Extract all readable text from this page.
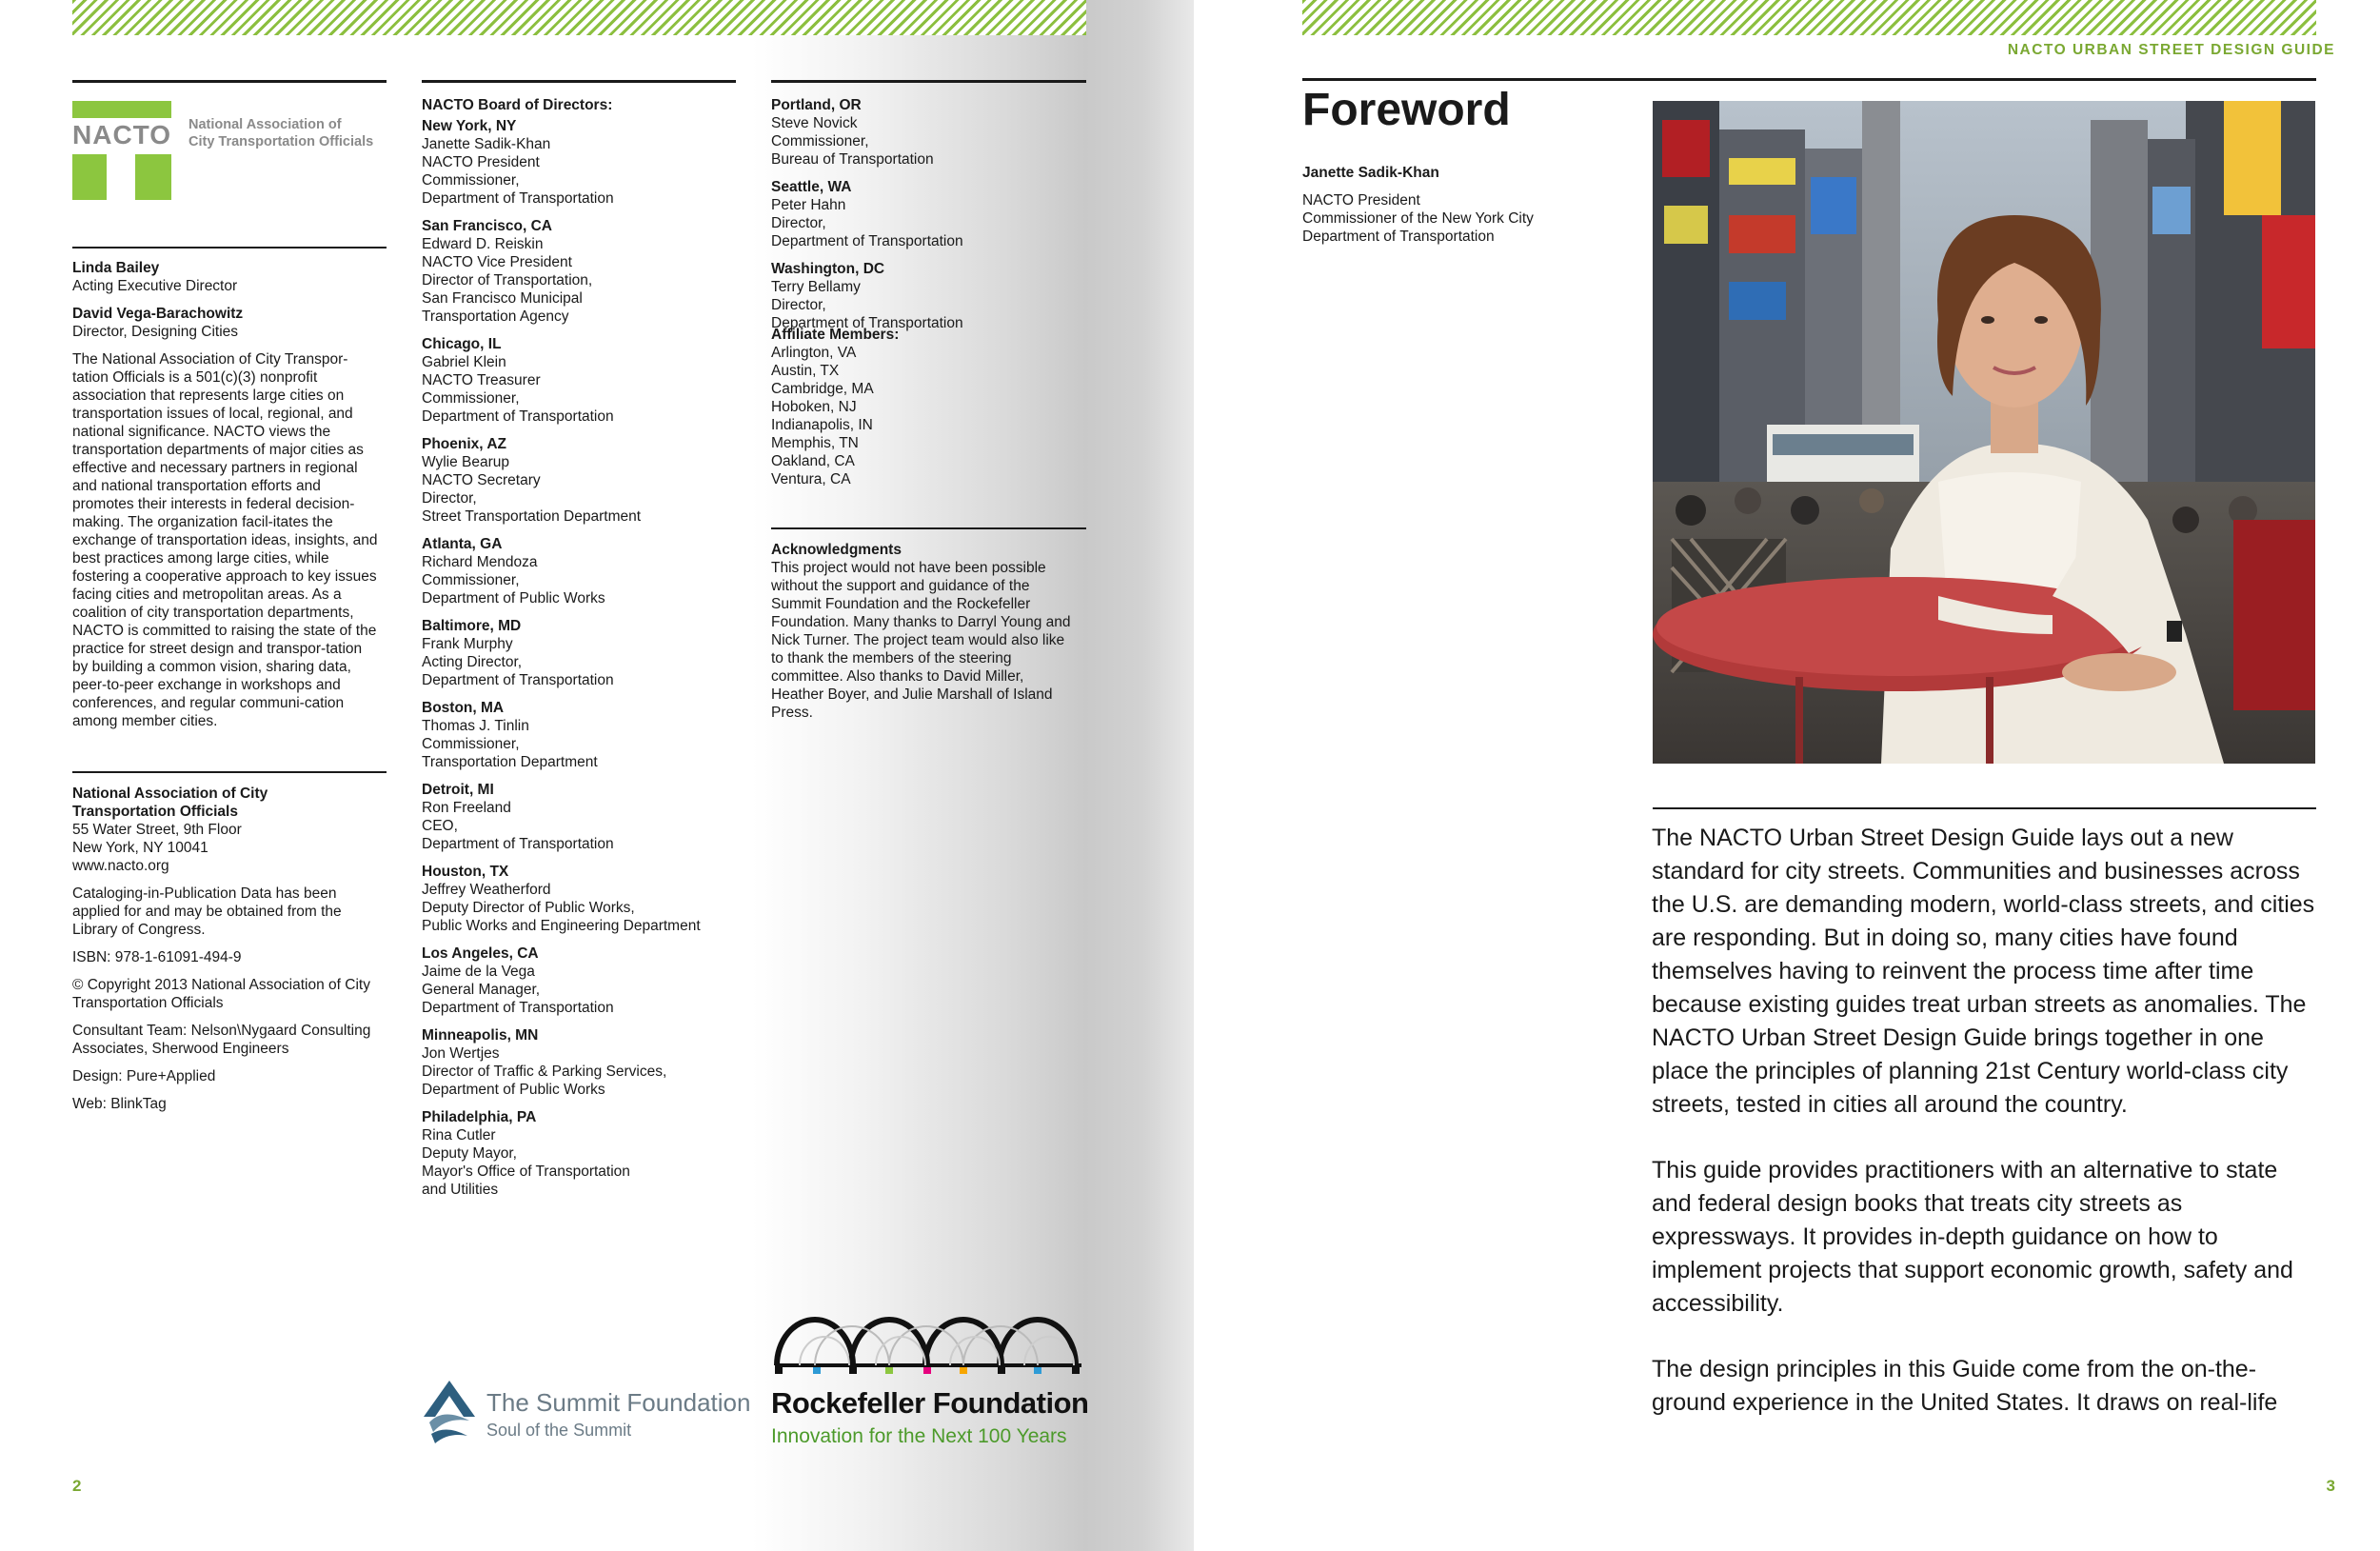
NACTO National Association of
City Transportation Officials
Linda Bailey
Acting Executive Director
David Vega-Barachowitz
Director, Designing Cities

The National Association of City Transpor-tation Officials is a 501(c)(3) nonprofit association that represents large cities on transportation issues of local, regional, and national significance. NACTO views the transportation departments of major cities as effective and necessary partners in regional and national transportation efforts and promotes their interests in federal decision-making. The organization facil-itates the exchange of transportation ideas, insights, and best practices among large cities, while fostering a cooperative approach to key issues facing cities and metropolitan areas. As a coalition of city transportation departments, NACTO is committed to raising the state of the practice for street design and transpor-tation by building a common vision, sharing data, peer-to-peer exchange in workshops and conferences, and regular communi-cation among member cities.

National Association of City
Transportation Officials
55 Water Street, 9th Floor
New York, NY 10041
www.nacto.org

Cataloging-in-Publication Data has been applied for and may be obtained from the Library of Congress.

ISBN: 978-1-61091-494-9

© Copyright 2013 National Association of City Transportation Officials

Consultant Team: Nelson\Nygaard Consulting Associates, Sherwood Engineers

Design: Pure+Applied

Web: BlinkTag

NACTO Board of Directors:
New York, NY
Janette Sadik-Khan
NACTO President
Commissioner,
Department of Transportation
San Francisco, CA
Edward D. Reiskin
NACTO Vice President
Director of Transportation,
San Francisco Municipal
Transportation Agency
Chicago, IL
Gabriel Klein
NACTO Treasurer
Commissioner,
Department of Transportation
Phoenix, AZ
Wylie Bearup
NACTO Secretary
Director,
Street Transportation Department
Atlanta, GA
Richard Mendoza
Commissioner,
Department of Public Works
Baltimore, MD
Frank Murphy
Acting Director,
Department of Transportation
Boston, MA
Thomas J. Tinlin
Commissioner,
Transportation Department
Detroit, MI
Ron Freeland
CEO,
Department of Transportation
Houston, TX
Jeffrey Weatherford
Deputy Director of Public Works,
Public Works and Engineering Department
Los Angeles, CA
Jaime de la Vega
General Manager,
Department of Transportation
Minneapolis, MN
Jon Wertjes
Director of Traffic & Parking Services,
Department of Public Works
Philadelphia, PA
Rina Cutler
Deputy Mayor,
Mayor's Office of Transportation
and Utilities
Portland, OR
Steve Novick
Commissioner,
Bureau of Transportation
Seattle, WA
Peter Hahn
Director,
Department of Transportation
Washington, DC
Terry Bellamy
Director,
Department of Transportation
Affiliate Members:
Arlington, VA
Austin, TX
Cambridge, MA
Hoboken, NJ
Indianapolis, IN
Memphis, TN
Oakland, CA
Ventura, CA
Acknowledgments
This project would not have been possible without the support and guidance of the Summit Foundation and the Rockefeller Foundation. Many thanks to Darryl Young and Nick Turner. The project team would also like to thank the members of the steering committee. Also thanks to David Miller, Heather Boyer, and Julie Marshall of Island Press.
The Summit Foundation
Soul of the Summit
Rockefeller Foundation
Innovation for the Next 100 Years
2
NACTO URBAN STREET DESIGN GUIDE
Foreword
Janette Sadik-Khan
NACTO President
Commissioner of the New York City
Department of Transportation

The NACTO Urban Street Design Guide lays out a new standard for city streets. Communities and businesses across the U.S. are demanding modern, world-class streets, and cities are responding. But in doing so, many cities have found themselves having to reinvent the process time after time because existing guides treat urban streets as anomalies. The NACTO Urban Street Design Guide brings together in one place the principles of planning 21st Century world-class city streets, tested in cities all around the country.

This guide provides practitioners with an alternative to state and federal design books that treats city streets as expressways. It provides in-depth guidance on how to implement projects that support economic growth, safety and accessibility.

The design principles in this Guide come from the on-the-ground experience in the United States. It draws on real-life

3
